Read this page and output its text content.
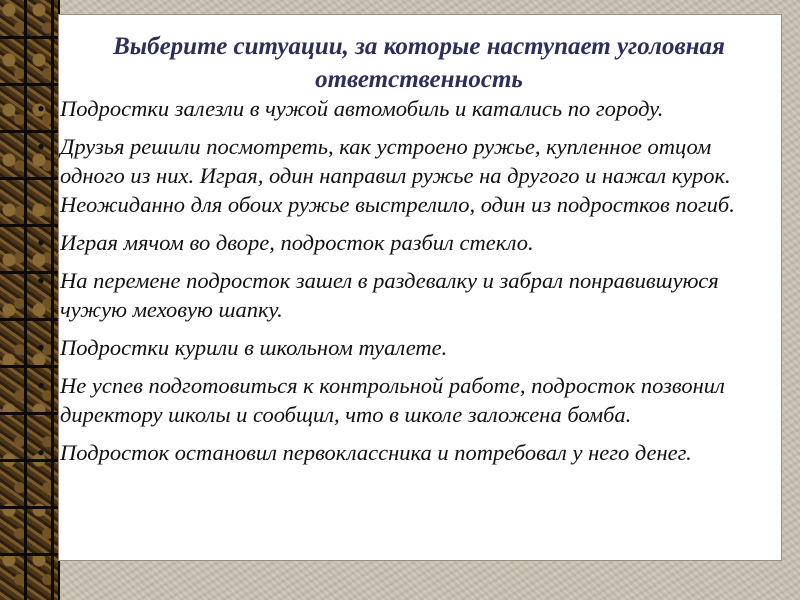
Выберите ситуации, за которые наступает уголовная ответственность
• Подростки залезли в чужой автомобиль и катались по городу.
• Друзья решили посмотреть, как устроено ружье, купленное отцом одного из них. Играя, один направил ружье на другого и нажал курок. Неожиданно для обоих ружье выстрелило, один из подростков погиб.
• Играя мячом во дворе, подросток разбил стекло.
• На перемене подросток зашел в раздевалку и забрал понравившуюся чужую меховую шапку.
• Подростки курили в школьном туалете.
• Не успев подготовиться к контрольной работе, подросток позвонил директору школы и сообщил, что в школе заложена бомба.
• Подросток остановил первоклассника и потребовал у него денег.
